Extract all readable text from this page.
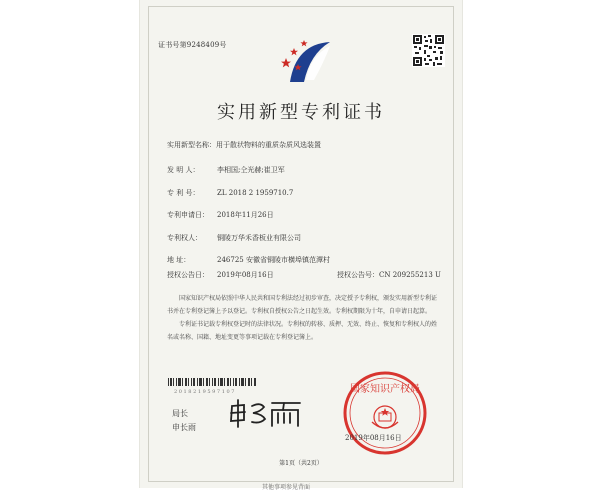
证书号第9248409号
实用新型专利证书
实用新型名称：用于散状物料的重质杂质风选装置
发 明 人：	李相国;仝光赫;崔卫军
专 利 号：	ZL 2018 2 1959710.7
专利申请日： 2018年11月26日
专利权人： 铜陵万华禾香板业有限公司
地 址：	246725 安徽省铜陵市横埠镇范潭村
授权公告日： 2019年08月16日	授权公告号：CN 209255213 U

国家知识产权局依照中华人民共和国专利法经过初步审查，决定授予专利权，颁发实用新型专利证书并在专利登记簿上予以登记。专利权自授权公告之日起生效。专利权期限为十年，自申请日起算。

专利证书记载专利权登记时的法律状况。专利权的转移、质押、无效、终止、恢复和专利权人的姓名或名称、国籍、地址变更等事项记载在专利登记簿上。

2 0 1 8 2 1 9 5 9 7 1 0 7
局长
申长雨
国家知识产权局
2019年08月16日
第1页（共2页）
其他事项参见背面
